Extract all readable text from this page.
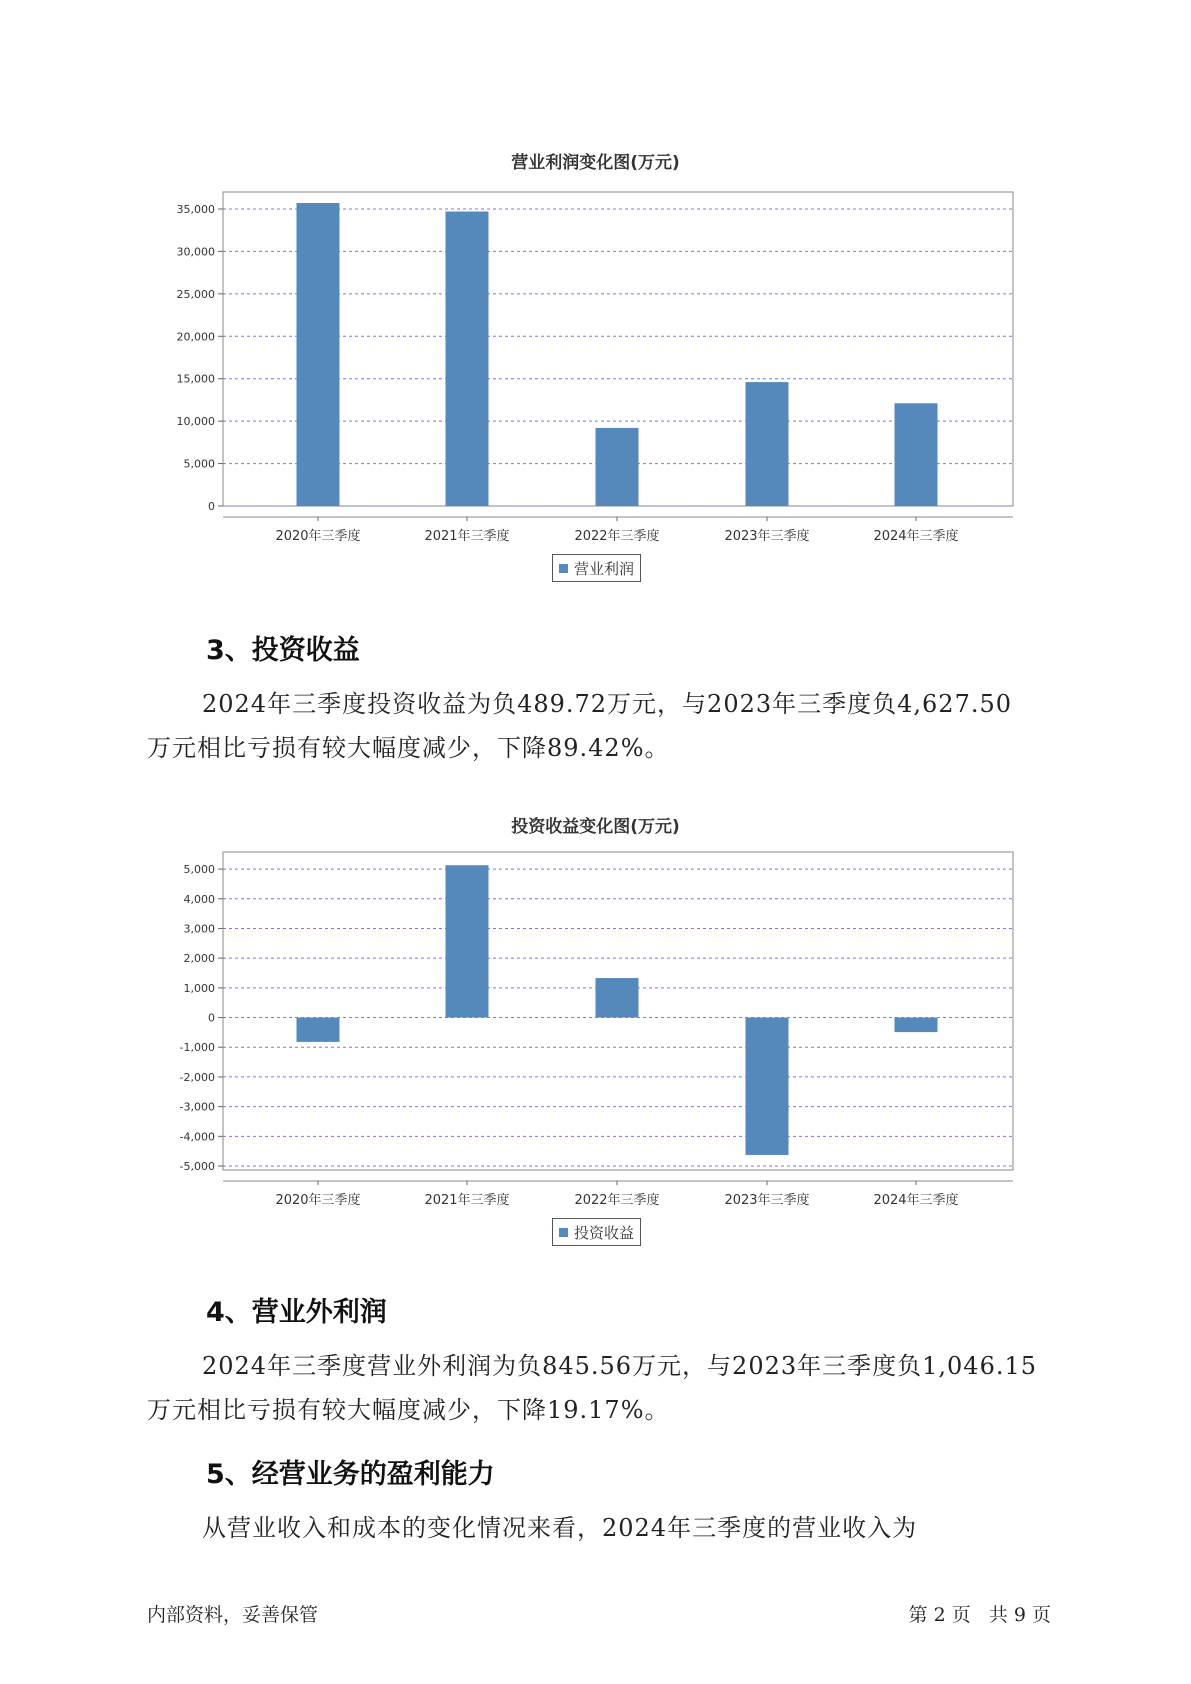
营业利润变化图(万元)
35,000
30,000
25,000
20,000
15,000
10,000
5,000
0
2020年三季度	2021年三季度	2022年三季度	2023年三季度	2024年三季度
营业利润
3、投资收益
2024年三季度投资收益为负489.72万元，与2023年三季度负4,627.50
万元相比亏损有较大幅度减少，下降89.42%。
投资收益变化图(万元)
5,000
4,000
3,000
2,000
1,000
0
-1,000
-2,000
-3,000
-4,000
-5,000
2020年三季度	2021年三季度	2022年三季度	2023年三季度	2024年三季度
投资收益
4、营业外利润
2024年三季度营业外利润为负845.56万元，与2023年三季度负1,046.15
万元相比亏损有较大幅度减少，下降19.17%。
5、经营业务的盈利能力
从营业收入和成本的变化情况来看，2024年三季度的营业收入为
内部资料，妥善保管	第 2 页   共 9 页
